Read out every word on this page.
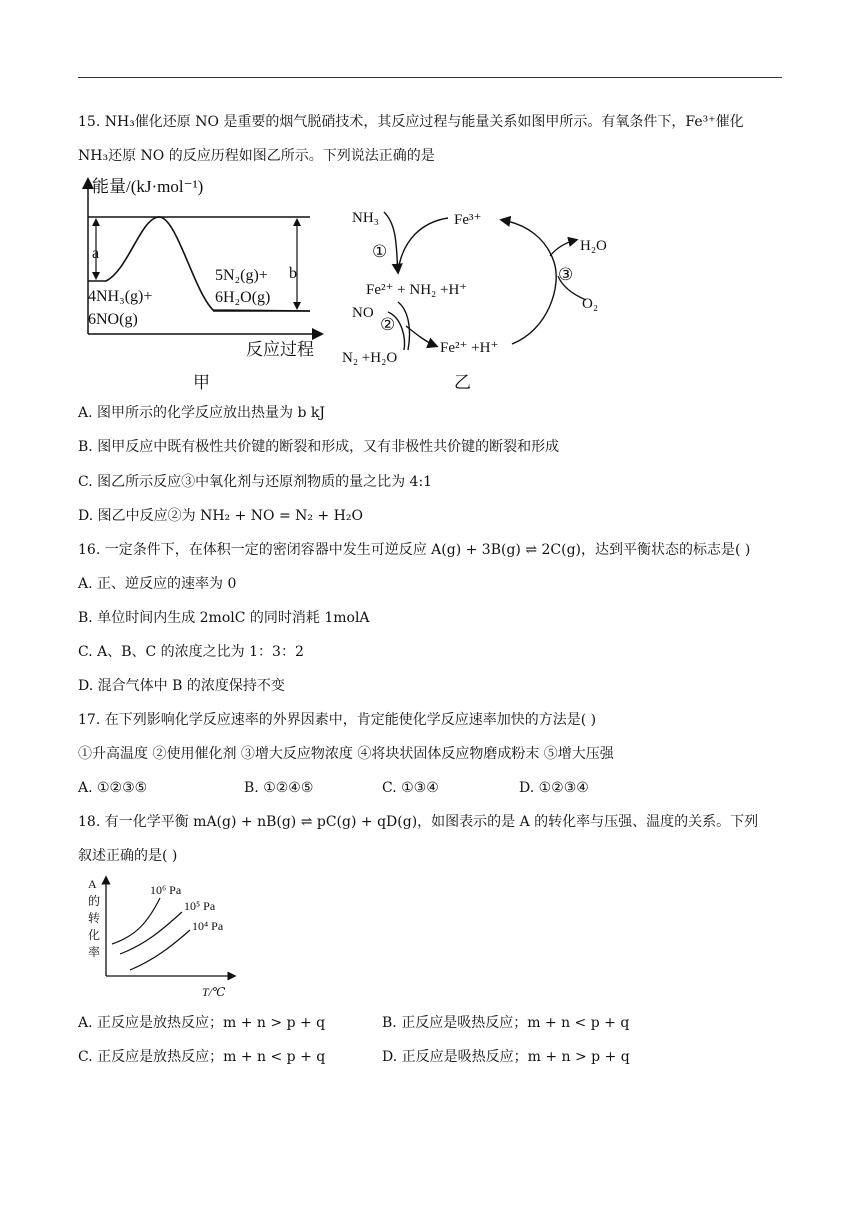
15. NH₃催化还原 NO 是重要的烟气脱硝技术，其反应过程与能量关系如图甲所示。有氧条件下，Fe³⁺催化
NH₃还原 NO 的反应历程如图乙所示。下列说法正确的是
能量/(kJ·mol⁻¹)
反应过程
a
b
4NH₃(g)+
6NO(g)
5N₂(g)+
6H₂O(g)
甲
NH₃	Fe³⁺
①
Fe²⁺ + NH₂ +H⁺
NO
②
N₂ +H₂O
Fe²⁺ +H⁺
H₂O
③
O₂
乙
A. 图甲所示的化学反应放出热量为 b kJ
B. 图甲反应中既有极性共价键的断裂和形成，又有非极性共价键的断裂和形成
C. 图乙所示反应③中氧化剂与还原剂物质的量之比为 4:1
D. 图乙中反应②为 NH₂ + NO = N₂ + H₂O
16. 一定条件下，在体积一定的密闭容器中发生可逆反应 A(g) + 3B(g) ⇌ 2C(g)，达到平衡状态的标志是( )
A. 正、逆反应的速率为 0
B. 单位时间内生成 2molC 的同时消耗 1molA
C. A、B、C 的浓度之比为 1：3：2
D. 混合气体中 B 的浓度保持不变
17. 在下列影响化学反应速率的外界因素中，肯定能使化学反应速率加快的方法是( )
①升高温度 ②使用催化剂 ③增大反应物浓度 ④将块状固体反应物磨成粉末 ⑤增大压强
A. ①②③⑤	B. ①②④⑤	C. ①③④	D. ①②③④
18. 有一化学平衡 mA(g) + nB(g) ⇌ pC(g) + qD(g)，如图表示的是 A 的转化率与压强、温度的关系。下列
叙述正确的是( )
A
的
转
化
率
10⁶ Pa
10⁵ Pa
10⁴ Pa
T/℃
A. 正反应是放热反应；m + n > p + q	B. 正反应是吸热反应；m + n < p + q
C. 正反应是放热反应；m + n < p + q	D. 正反应是吸热反应；m + n > p + q
